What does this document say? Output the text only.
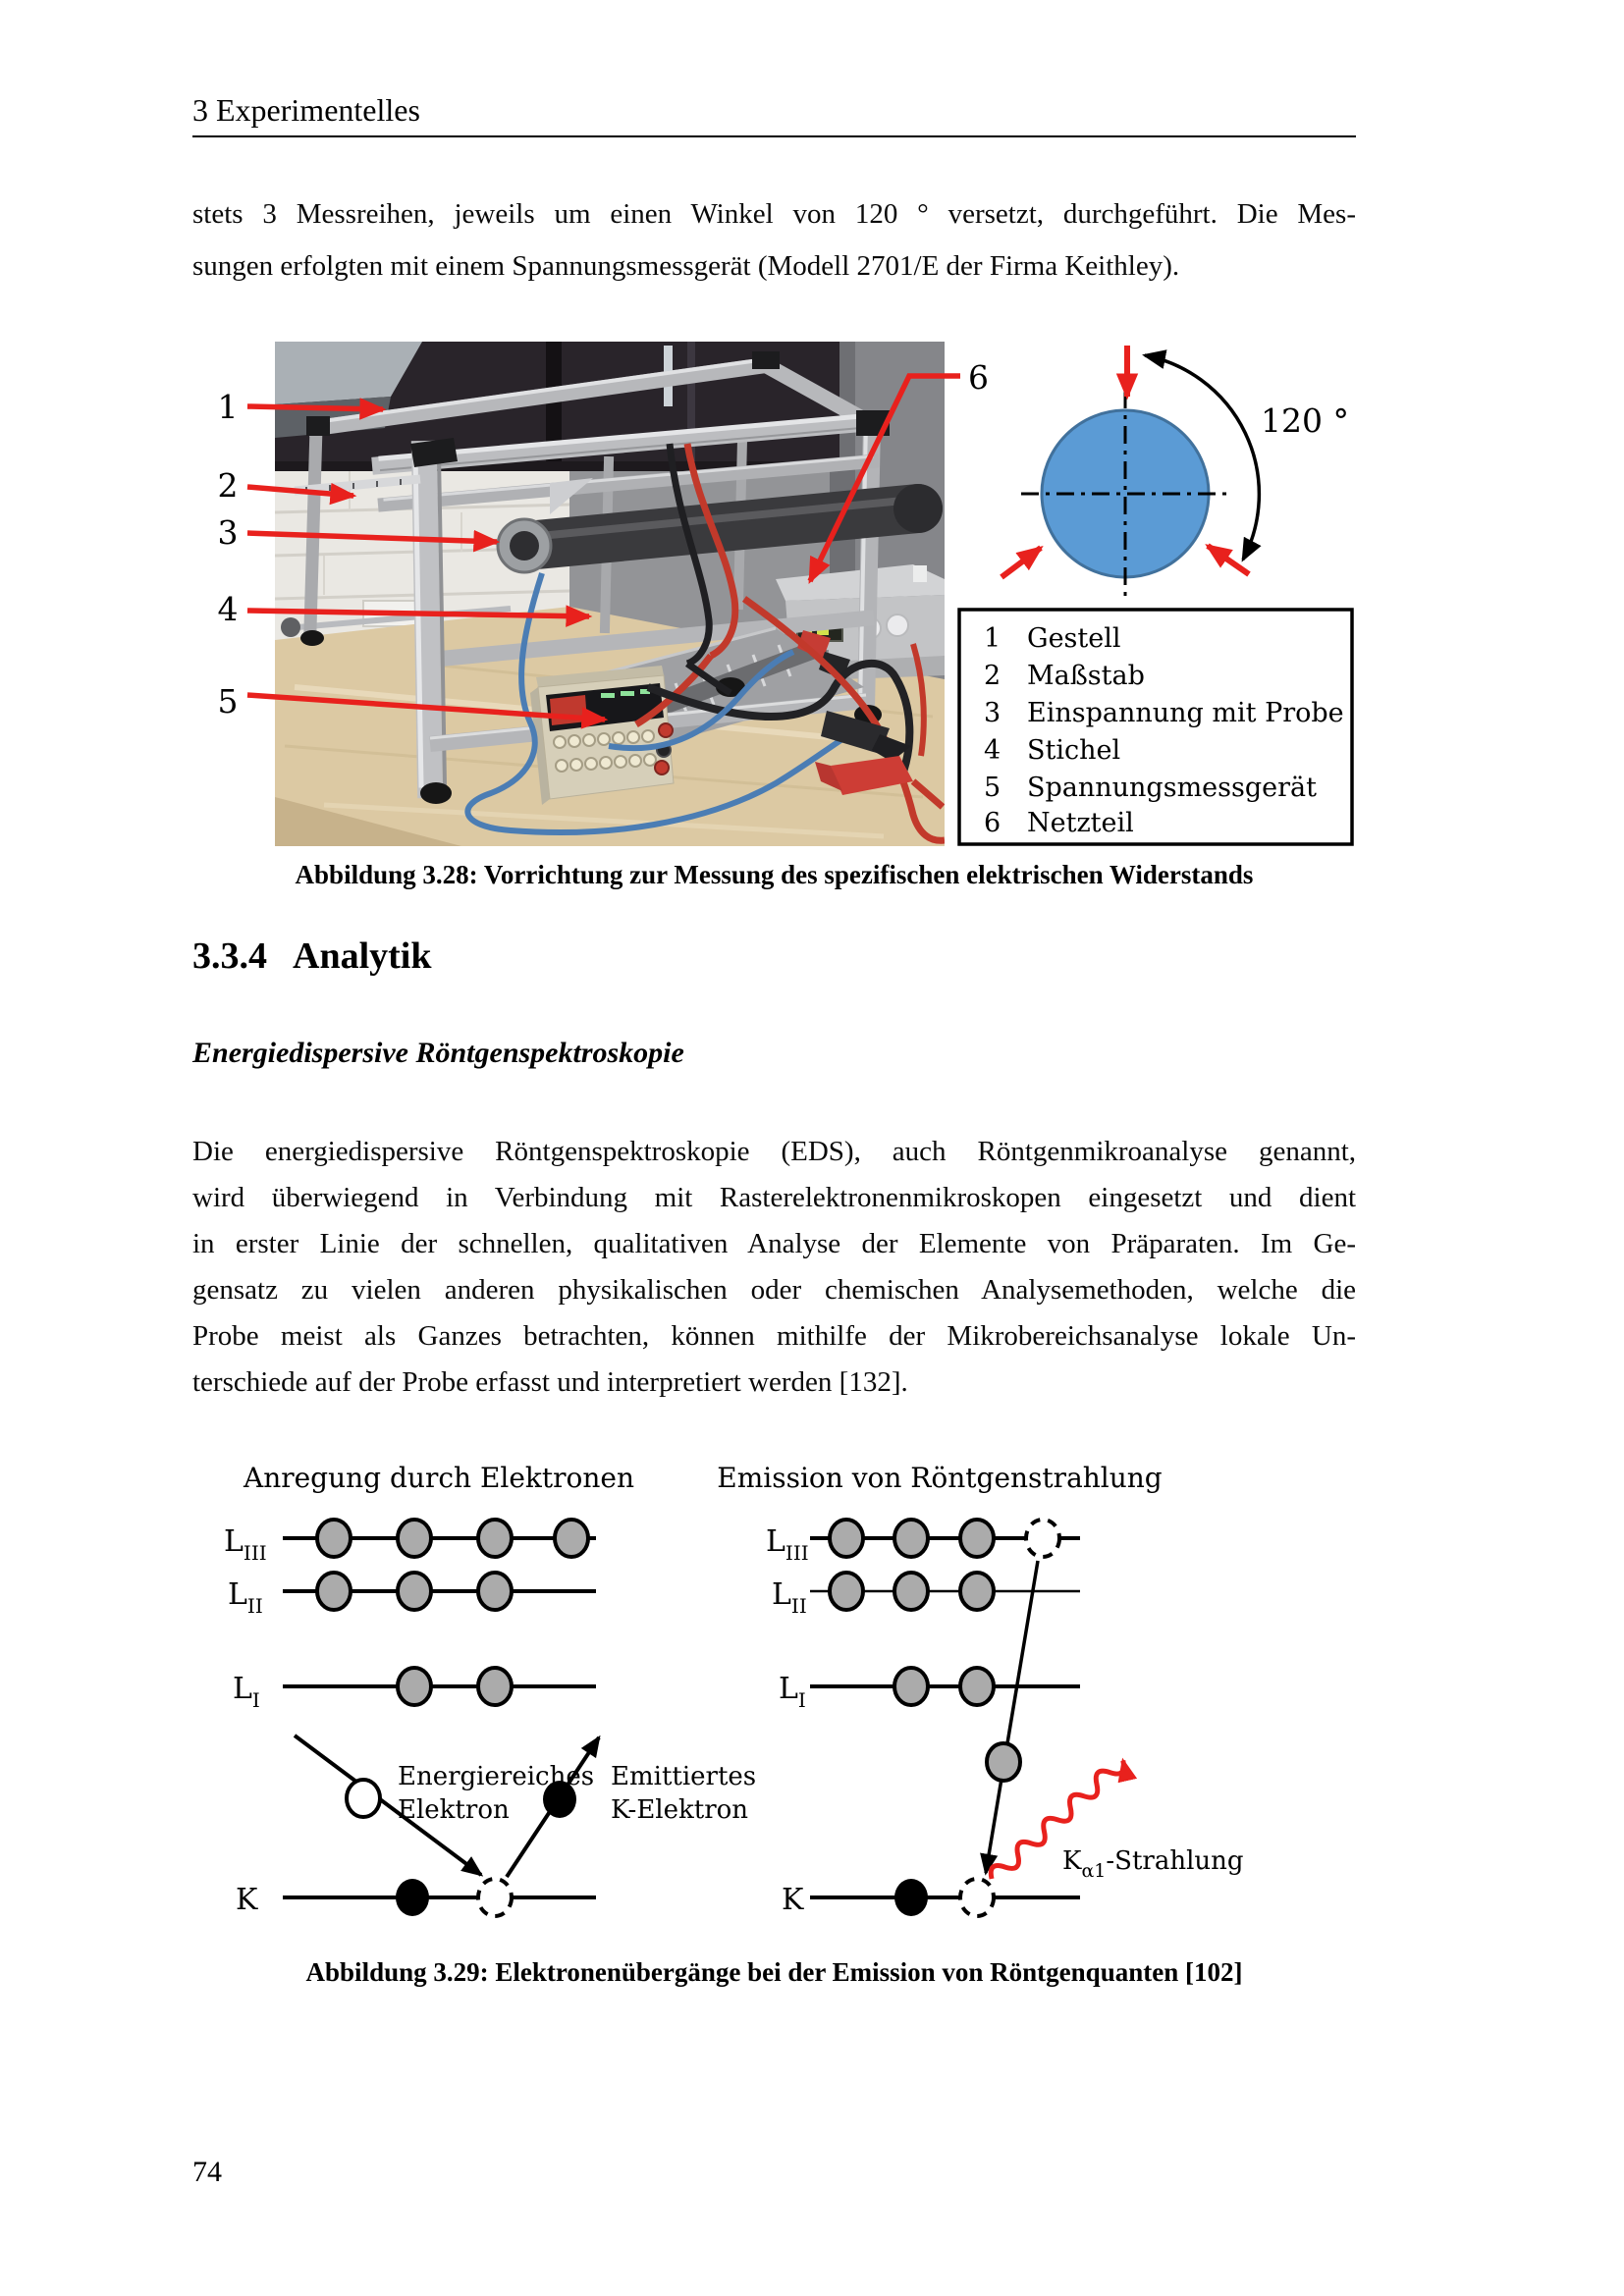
3 Experimentelles
stets 3 Messreihen, jeweils um einen Winkel von 120 ° versetzt, durchgeführt. Die Mes-
sungen erfolgten mit einem Spannungsmessgerät (Modell 2701/E der Firma Keithley).
1
2
3
4
5
6
120 °
1 Gestell
2 Maßstab
3 Einspannung mit Probe
4 Stichel
5 Spannungsmessgerät
6 Netzteil
Abbildung 3.28: Vorrichtung zur Messung des spezifischen elektrischen Widerstands
3.3.4 Analytik
Energiedispersive Röntgenspektroskopie
Die energiedispersive Röntgenspektroskopie (EDS), auch Röntgenmikroanalyse genannt,
wird überwiegend in Verbindung mit Rasterelektronenmikroskopen eingesetzt und dient
in erster Linie der schnellen, qualitativen Analyse der Elemente von Präparaten. Im Ge-
gensatz zu vielen anderen physikalischen oder chemischen Analysemethoden, welche die
Probe meist als Ganzes betrachten, können mithilfe der Mikrobereichsanalyse lokale Un-
terschiede auf der Probe erfasst und interpretiert werden [132].
Anregung durch Elektronen
$L_{III}$
$L_{II}$
$L_I$
K
Energiereiches
Elektron
Emittiertes
K-Elektron
Emission von Röntgenstrahlung
$L_{III}$
$L_{II}$
$L_I$
K
$K_{\alpha 1}$-Strahlung
Abbildung 3.29: Elektronenübergänge bei der Emission von Röntgenquanten [102]
74
